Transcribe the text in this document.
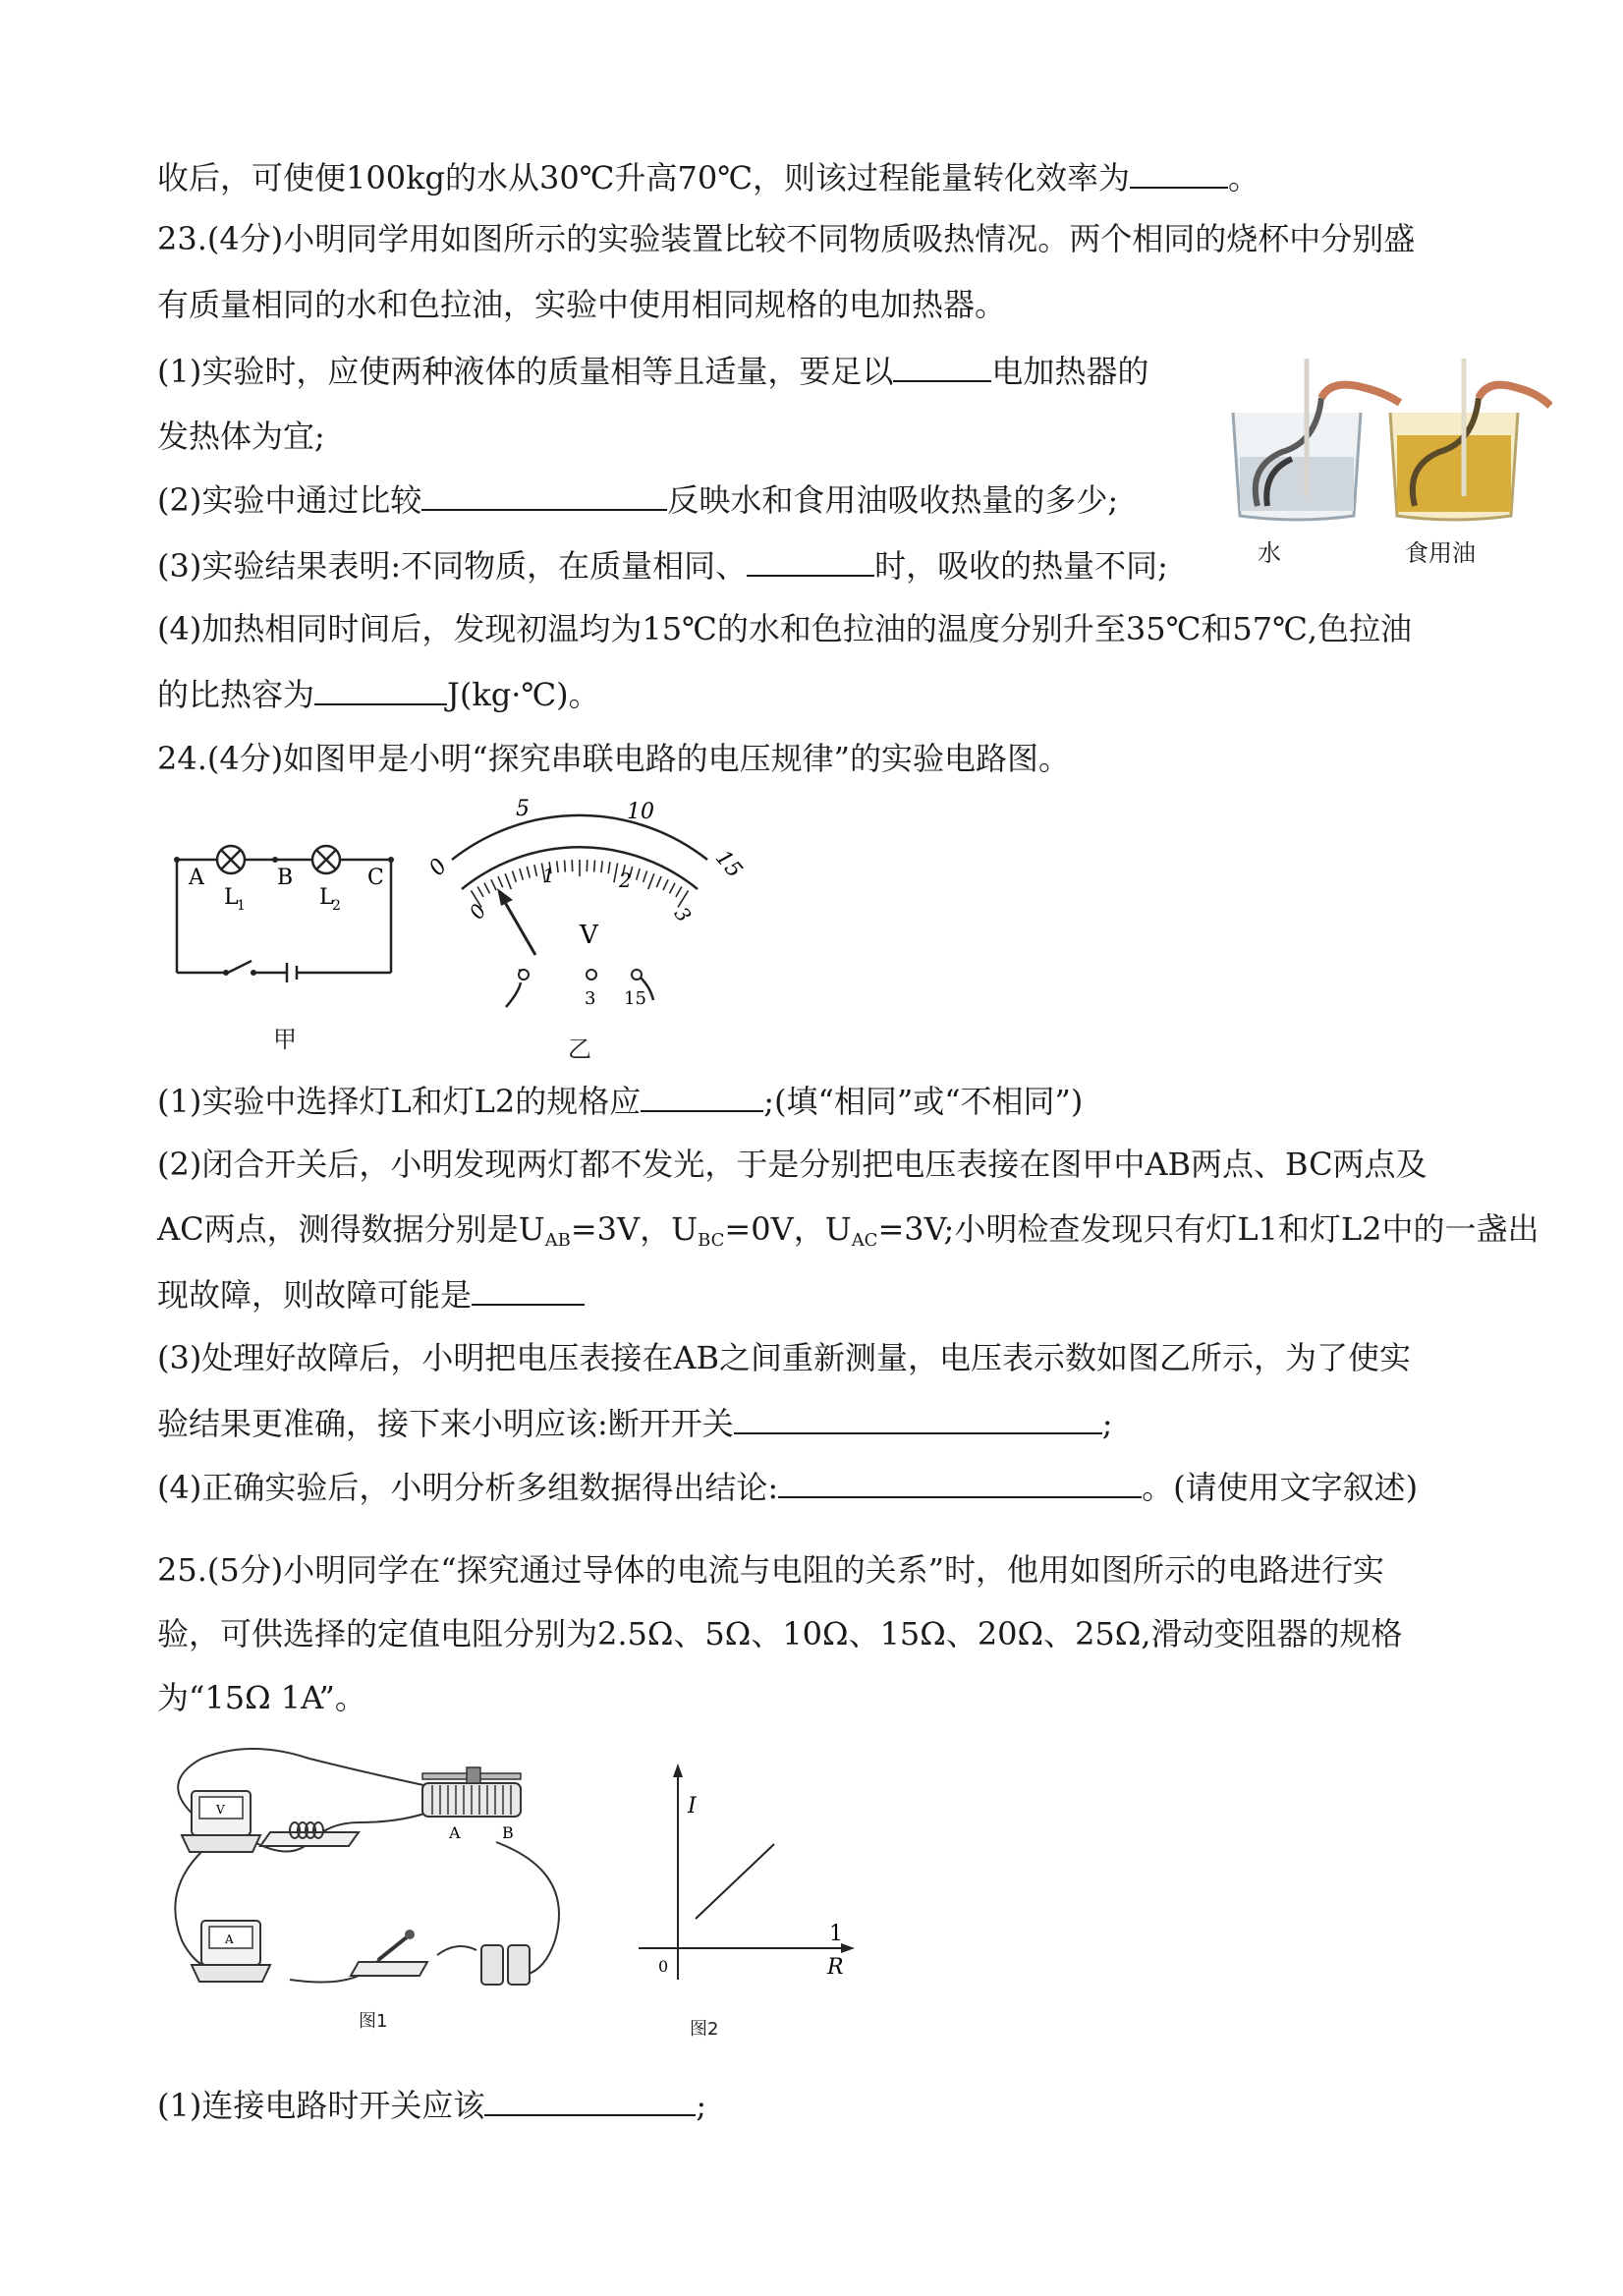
收后，可使便100kg的水从30℃升高70℃，则该过程能量转化效率为	。
23.(4分)小明同学用如图所示的实验装置比较不同物质吸热情况。两个相同的烧杯中分别盛
有质量相同的水和色拉油，实验中使用相同规格的电加热器。
(1)实验时，应使两种液体的质量相等且适量，要足以	电加热器的
发热体为宜;
(2)实验中通过比较	反映水和食用油吸收热量的多少;
(3)实验结果表明:不同物质，在质量相同、	时，吸收的热量不同;
(4)加热相同时间后，发现初温均为15℃的水和色拉油的温度分别升至35℃和57℃,色拉油
的比热容为	J(kg·℃)。
水	食用油
24.(4分)如图甲是小明“探究串联电路的电压规律”的实验电路图。
A	B	C
L
1	L
2
甲
0
5	10
15
0
1	2
3
V
-
3 15
乙
(1)实验中选择灯L和灯L2的规格应	;(填“相同”或“不相同”)
(2)闭合开关后，小明发现两灯都不发光，于是分别把电压表接在图甲中AB两点、BC两点及
AC两点，测得数据分别是$U_{AB}=3V$，$U_{BC}=0V$，$U_{AC}=3V$;小明检查发现只有灯L1和灯L2中的一盏出
现故障，则故障可能是
(3)处理好故障后，小明把电压表接在AB之间重新测量，电压表示数如图乙所示，为了使实
验结果更准确，接下来小明应该:断开开关	;
(4)正确实验后，小明分析多组数据得出结论:	。(请使用文字叙述)
25.(5分)小明同学在“探究通过导体的电流与电阻的关系”时，他用如图所示的电路进行实
验，可供选择的定值电阻分别为2.5Ω、5Ω、10Ω、15Ω、20Ω、25Ω,滑动变阻器的规格
为“15Ω 1A”。
V
A	B
A
图1
I
0
1
R
图2
(1)连接电路时开关应该	;
